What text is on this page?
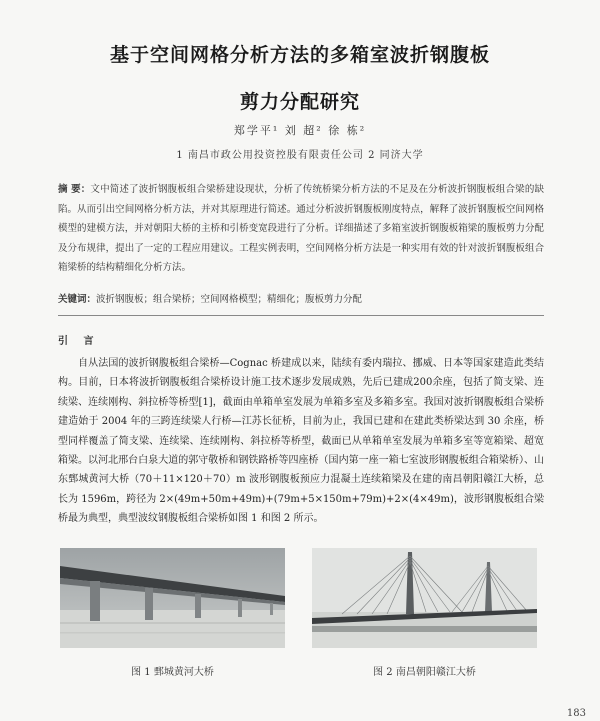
基于空间网格分析方法的多箱室波折钢腹板
剪力分配研究
郑学平¹ 刘 超² 徐 栋²
1 南昌市政公用投资控股有限责任公司 2 同济大学
摘 要：文中简述了波折钢腹板组合梁桥建设现状，分析了传统桥梁分析方法的不足及在分析波折钢腹板组合梁的缺陷。从而引出空间网格分析方法，并对其原理进行简述。通过分析波折钢腹板刚度特点，解释了波折钢腹板空间网格模型的建模方法，并对朝阳大桥的主桥和引桥变宽段进行了分析。详细描述了多箱室波折钢腹板箱梁的腹板剪力分配及分布规律，提出了一定的工程应用建议。工程实例表明，空间网格分析方法是一种实用有效的针对波折钢腹板组合箱梁桥的结构精细化分析方法。
关键词：波折钢腹板；组合梁桥；空间网格模型；精细化；腹板剪力分配
引 言
自从法国的波折钢腹板组合梁桥—Cognac 桥建成以来，陆续有委内瑞拉、挪威、日本等国家建造此类结构。目前，日本将波折钢腹板组合梁桥设计施工技术逐步发展成熟，先后已建成200余座，包括了简支梁、连续梁、连续刚构、斜拉桥等桥型[1]，截面由单箱单室发展为单箱多室及多箱多室。我国对波折钢腹板组合梁桥建造始于 2004 年的三跨连续梁人行桥—江苏长征桥，目前为止，我国已建和在建此类桥梁达到 30 余座，桥型同样覆盖了简支梁、连续梁、连续刚构、斜拉桥等桥型，截面已从单箱单室发展为单箱多室等宽箱梁、超宽箱梁。以河北邢台白泉大道的郭守敬桥和钢铁路桥等四座桥（国内第一座一箱七室波形钢腹板组合箱梁桥）、山东鄄城黄河大桥（70＋11×120＋70）m 波形钢腹板预应力混凝土连续箱梁及在建的南昌朝阳赣江大桥，总长为 1596m，跨径为 2×(49m+50m+49m)+(79m+5×150m+79m)+2×(4×49m)，波形钢腹板组合梁桥最为典型，典型波纹钢腹板组合梁桥如图 1 和图 2 所示。
图 1 鄄城黄河大桥	图 2 南昌朝阳赣江大桥
183
